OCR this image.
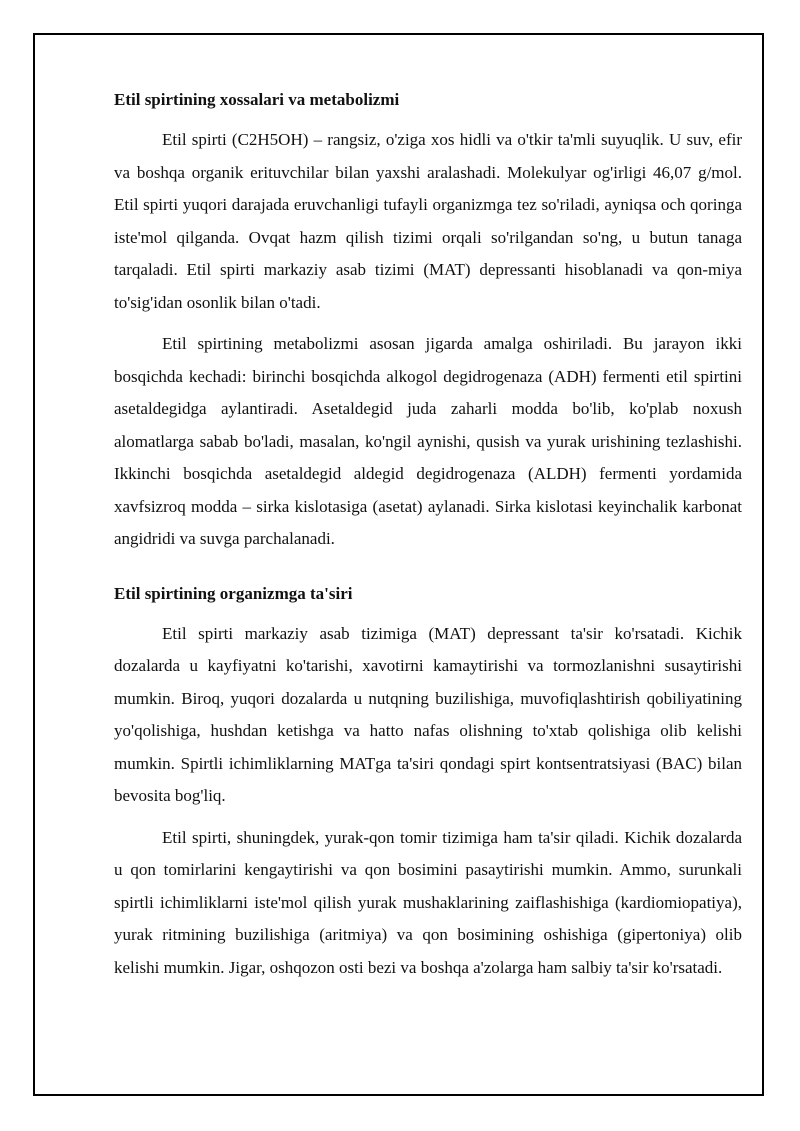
Etil spirtining xossalari va metabolizmi

Etil spirti (C2H5OH) – rangsiz, o'ziga xos hidli va o'tkir ta'mli suyuqlik. U suv, efir va boshqa organik erituvchilar bilan yaxshi aralashadi. Molekulyar og'irligi 46,07 g/mol. Etil spirti yuqori darajada eruvchanligi tufayli organizmga tez so'riladi, ayniqsa och qoringa iste'mol qilganda. Ovqat hazm qilish tizimi orqali so'rilgandan so'ng, u butun tanaga tarqaladi. Etil spirti markaziy asab tizimi (MAT) depressanti hisoblanadi va qon-miya to'sig'idan osonlik bilan o'tadi.

Etil spirtining metabolizmi asosan jigarda amalga oshiriladi. Bu jarayon ikki bosqichda kechadi: birinchi bosqichda alkogol degidrogenaza (ADH) fermenti etil spirtini asetaldegidga aylantiradi. Asetaldegid juda zaharli modda bo'lib, ko'plab noxush alomatlarga sabab bo'ladi, masalan, ko'ngil aynishi, qusish va yurak urishining tezlashishi. Ikkinchi bosqichda asetaldegid aldegid degidrogenaza (ALDH) fermenti yordamida xavfsizroq modda – sirka kislotasiga (asetat) aylanadi. Sirka kislotasi keyinchalik karbonat angidridi va suvga parchalanadi.

Etil spirtining organizmga ta'siri

Etil spirti markaziy asab tizimiga (MAT) depressant ta'sir ko'rsatadi. Kichik dozalarda u kayfiyatni ko'tarishi, xavotirni kamaytirishi va tormozlanishni susaytirishi mumkin. Biroq, yuqori dozalarda u nutqning buzilishiga, muvofiqlashtirish qobiliyatining yo'qolishiga, hushdan ketishga va hatto nafas olishning to'xtab qolishiga olib kelishi mumkin. Spirtli ichimliklarning MATga ta'siri qondagi spirt kontsentratsiyasi (BAC) bilan bevosita bog'liq.

Etil spirti, shuningdek, yurak-qon tomir tizimiga ham ta'sir qiladi. Kichik dozalarda u qon tomirlarini kengaytirishi va qon bosimini pasaytirishi mumkin. Ammo, surunkali spirtli ichimliklarni iste'mol qilish yurak mushaklarining zaiflashishiga (kardiomiopatiya), yurak ritmining buzilishiga (aritmiya) va qon bosimining oshishiga (gipertoniya) olib kelishi mumkin. Jigar, oshqozon osti bezi va boshqa a'zolarga ham salbiy ta'sir ko'rsatadi.
